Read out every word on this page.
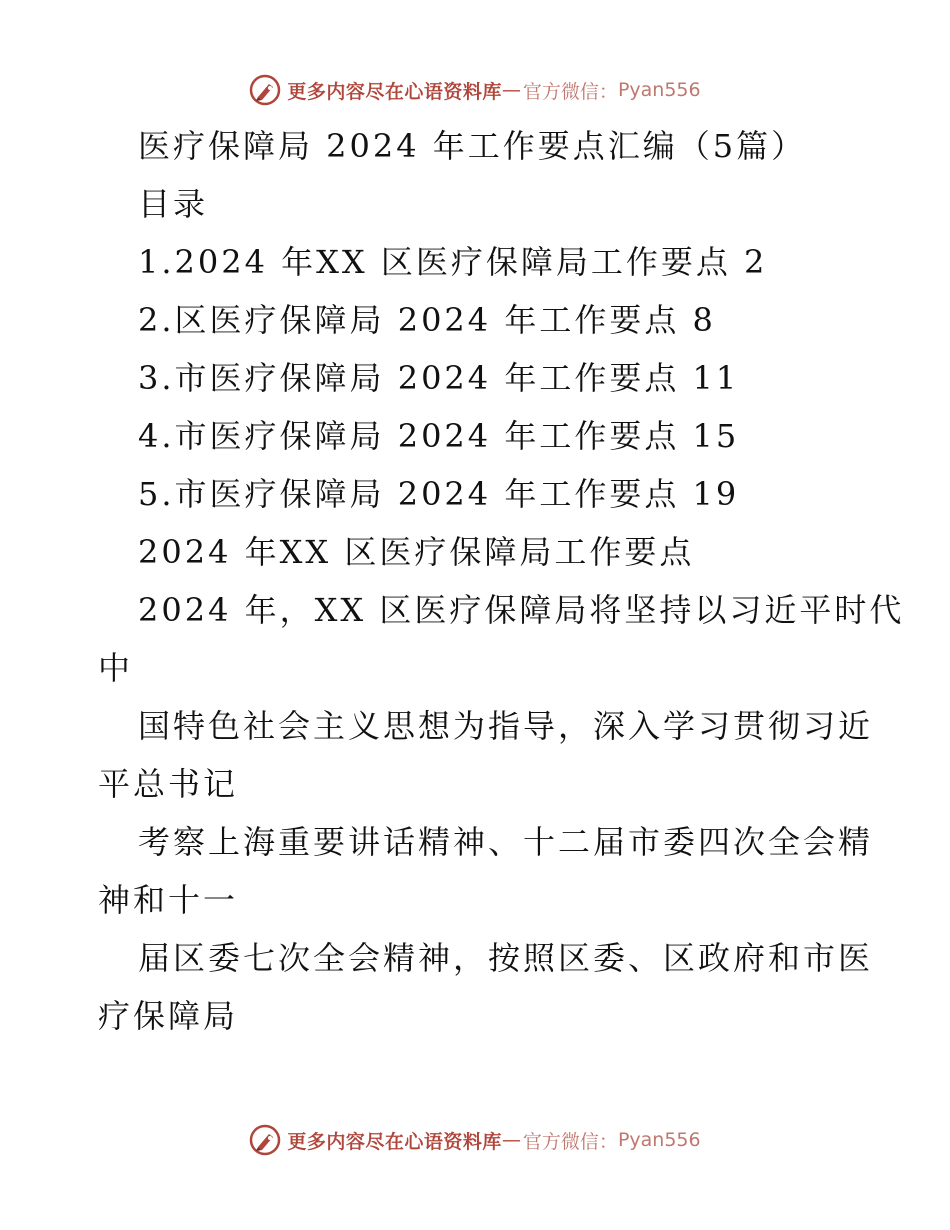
更多内容尽在心语资料库 — 官方微信： Pyan556
医疗保障局 2024 年工作要点汇编（5篇）
目录
1.2024 年XX 区医疗保障局工作要点 2
2.区医疗保障局 2024 年工作要点 8
3.市医疗保障局 2024 年工作要点 11
4.市医疗保障局 2024 年工作要点 15
5.市医疗保障局 2024 年工作要点 19
2024 年XX 区医疗保障局工作要点
2024 年，XX 区医疗保障局将坚持以习近平时代
中
国特色社会主义思想为指导，深入学习贯彻习近
平总书记
考察上海重要讲话精神、十二届市委四次全会精
神和十一
届区委七次全会精神，按照区委、区政府和市医
疗保障局
更多内容尽在心语资料库 — 官方微信： Pyan556
